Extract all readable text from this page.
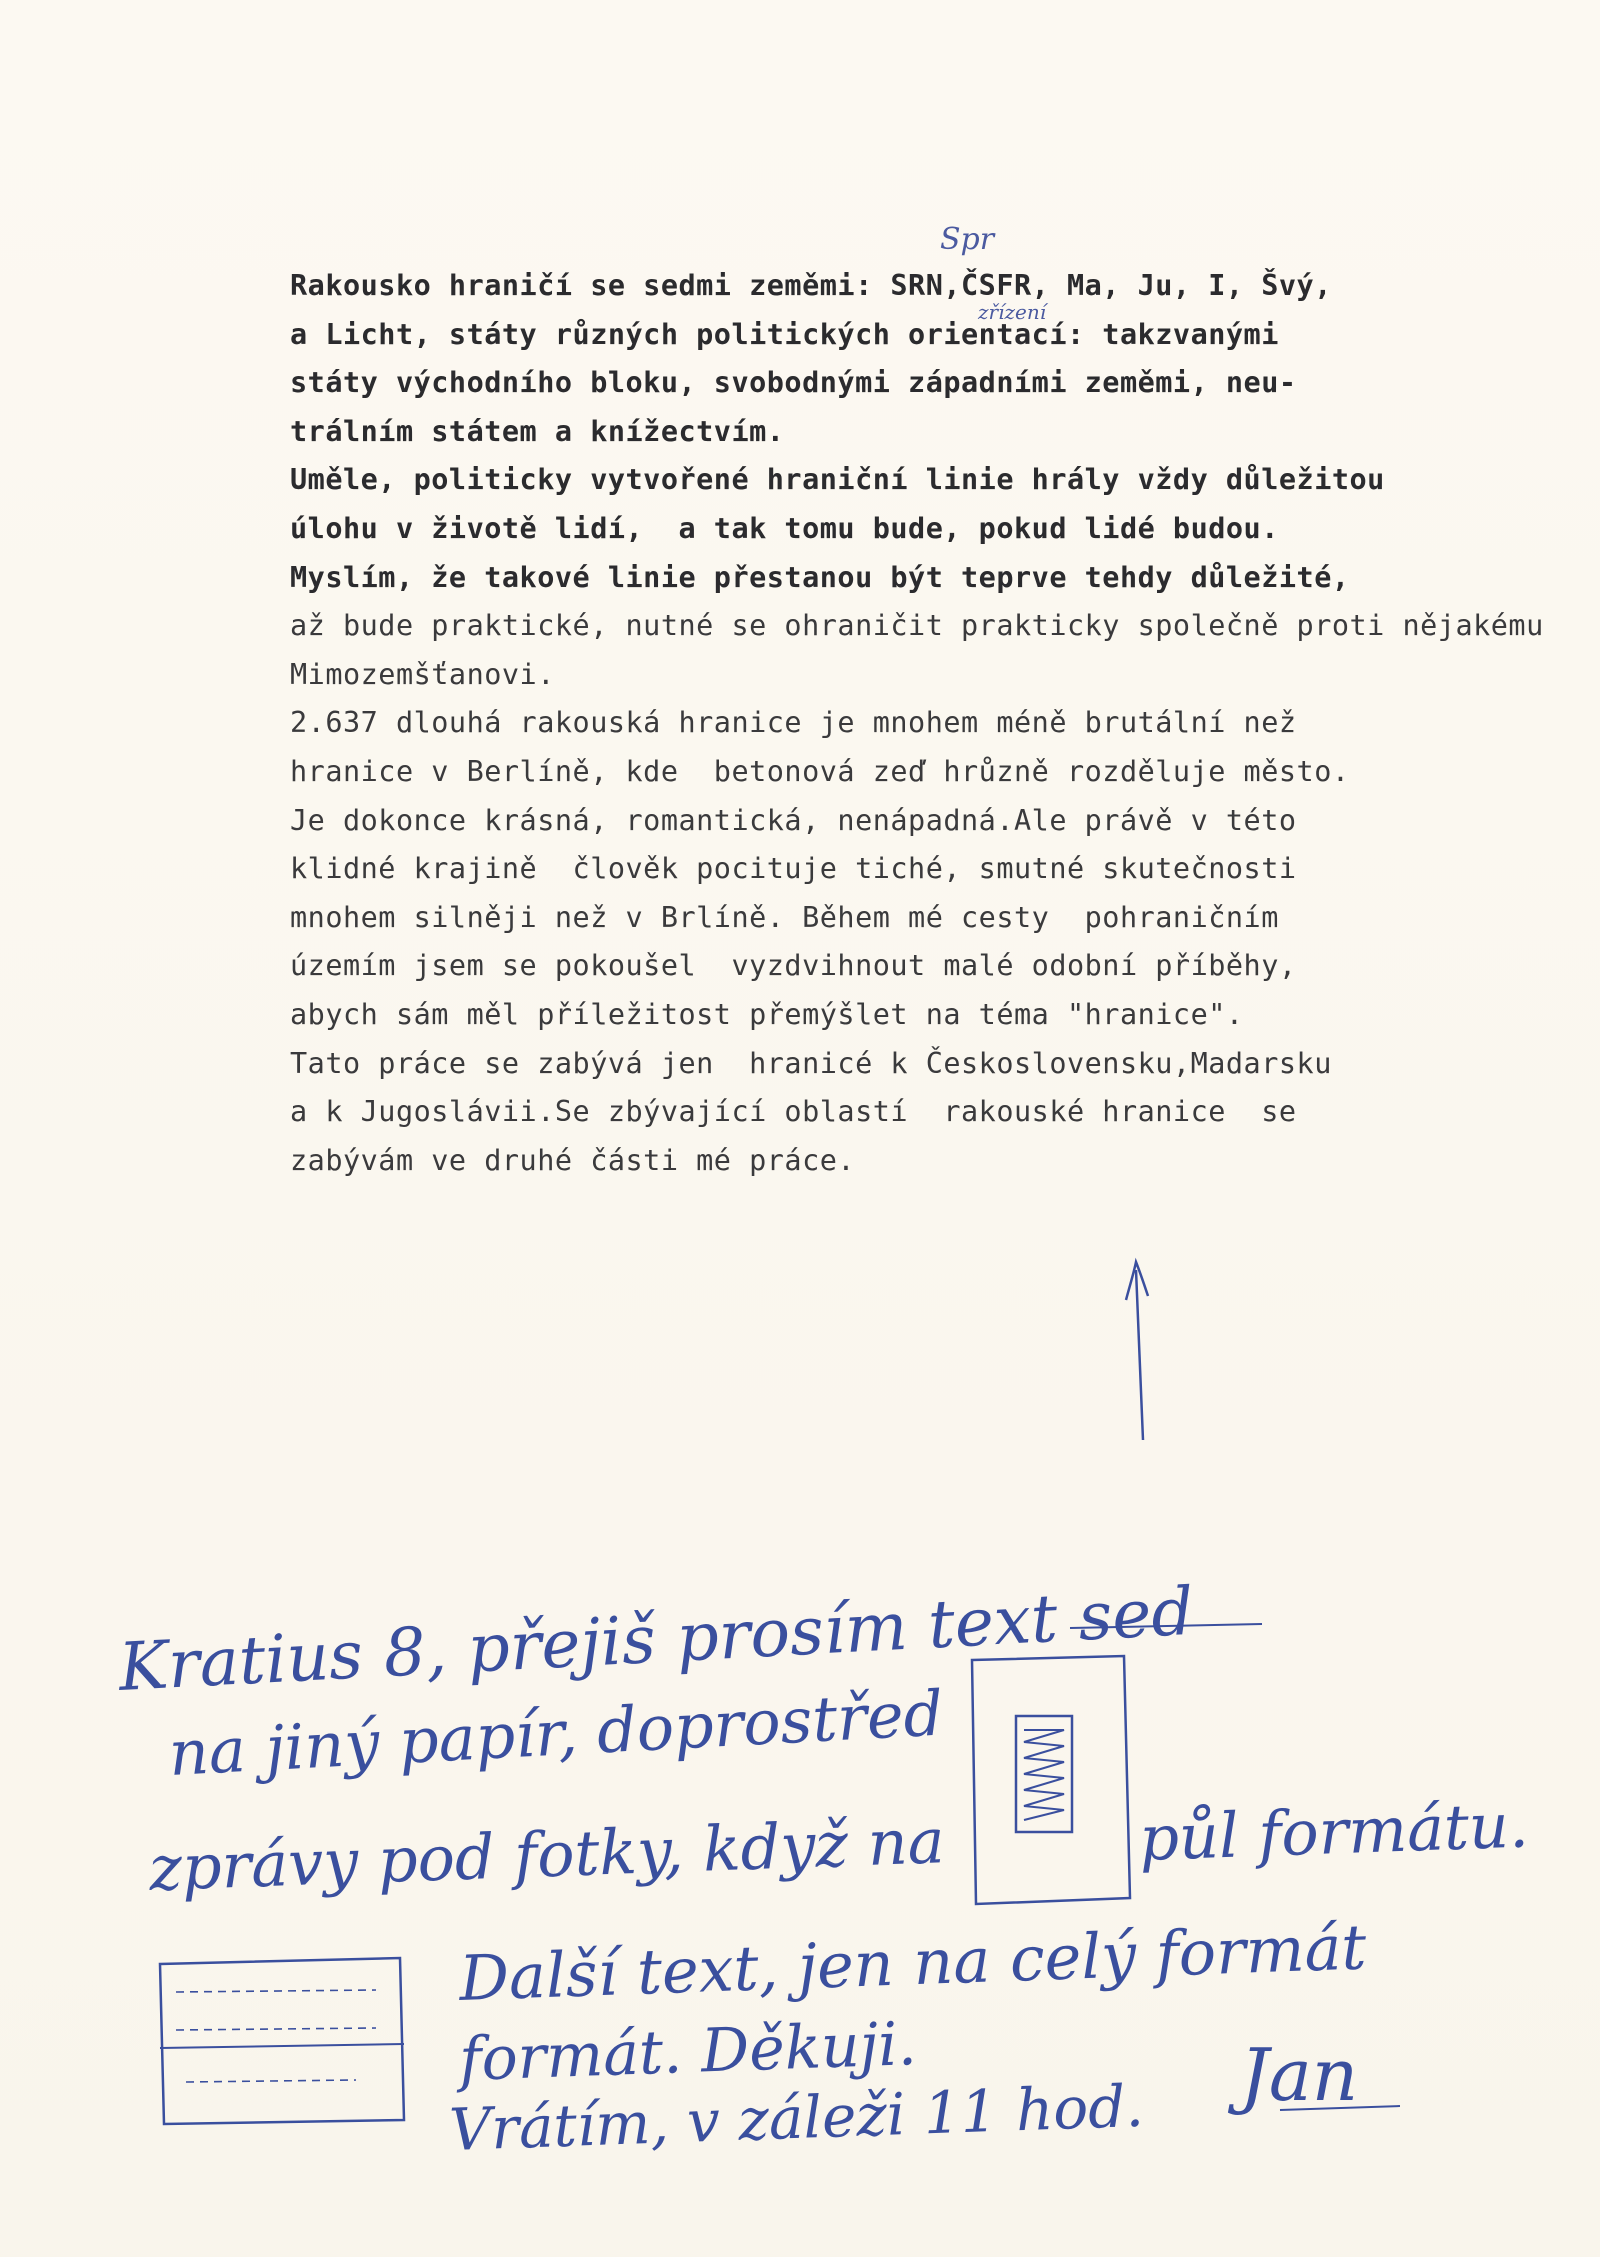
Rakousko hraničí se sedmi zeměmi: SRN,ČSFR, Ma, Ju, I, Švý,
a Licht, státy různých politických orientací: takzvanými
státy východního bloku, svobodnými západními zeměmi, neu-
trálním státem a knížectvím.
Uměle, politicky vytvořené hraniční linie hrály vždy důležitou
úlohu v životě lidí,  a tak tomu bude, pokud lidé budou.
Myslím, že takové linie přestanou být teprve tehdy důležité,
až bude praktické, nutné se ohraničit prakticky společně proti nějakému
Mimozemšťanovi.
2.637 dlouhá rakouská hranice je mnohem méně brutální než
hranice v Berlíně, kde  betonová zeď hrůzně rozděluje město.
Je dokonce krásná, romantická, nenápadná.Ale právě v této
klidné krajině  člověk pocituje tiché, smutné skutečnosti
mnohem silněji než v Brlíně. Během mé cesty  pohraničním
územím jsem se pokoušel  vyzdvihnout malé odobní příběhy,
abych sám měl příležitost přemýšlet na téma "hranice".
Tato práce se zabývá jen  hranicé k Československu,Madarsku
a k Jugoslávii.Se zbývající oblastí  rakouské hranice  se
zabývám ve druhé části mé práce.
Spr
zřízení
Kratius 8, přejiš prosím text sed
na jiný papír, doprostřed
zprávy pod fotky, když na	půl formátu.
Další text, jen na celý formát
formát. Děkuji.
Vrátím, v záleži 11 hod. Jan
